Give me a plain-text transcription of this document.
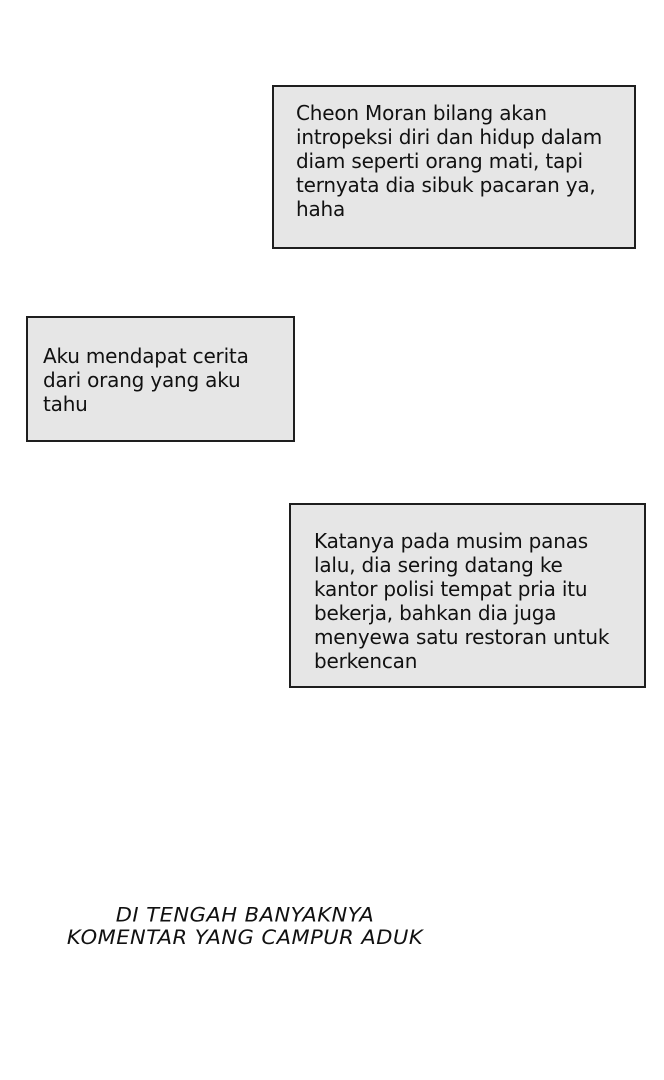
Cheon Moran bilang akan
intropeksi diri dan hidup dalam
diam seperti orang mati, tapi
ternyata dia sibuk pacaran ya,
haha
Aku mendapat cerita
dari orang yang aku
tahu
Katanya pada musim panas
lalu, dia sering datang ke
kantor polisi tempat pria itu
bekerja, bahkan dia juga
menyewa satu restoran untuk
berkencan
DI TENGAH BANYAKNYA
KOMENTAR YANG CAMPUR ADUK
